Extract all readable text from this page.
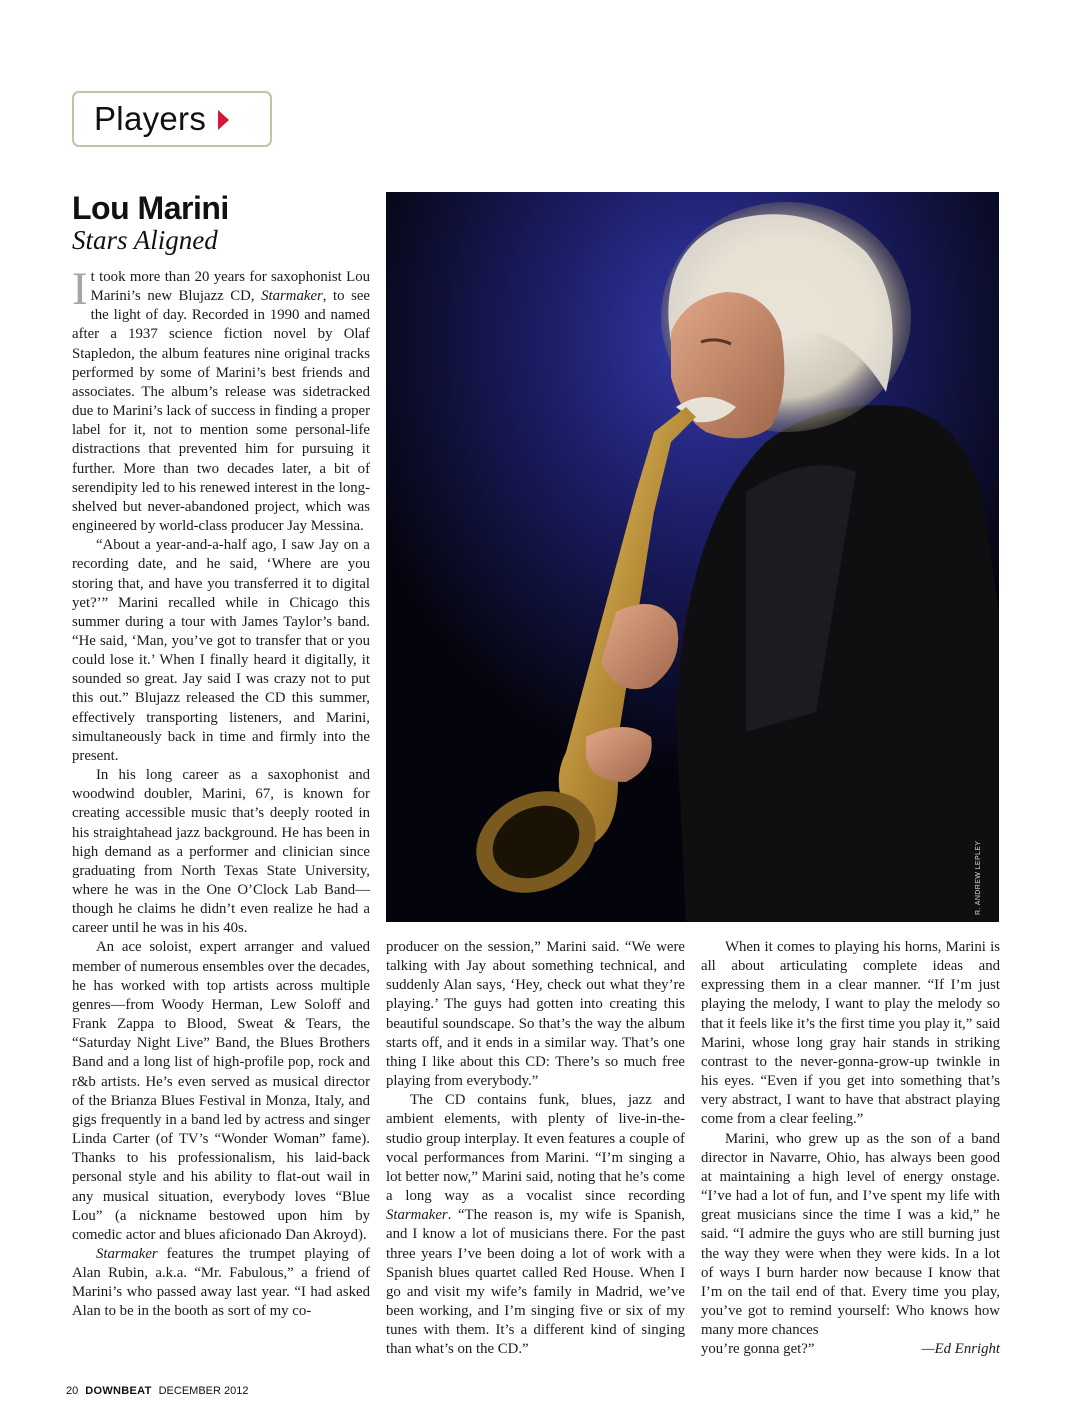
Players
Lou Marini
Stars Aligned
R. ANDREW LEPLEY

It took more than 20 years for saxophonist Lou Marini’s new Blujazz CD, Starmaker, to see the light of day. Recorded in 1990 and named after a 1937 science fiction novel by Olaf Stapledon, the album features nine original tracks performed by some of Marini’s best friends and associates. The album’s release was sidetracked due to Marini’s lack of success in finding a proper label for it, not to mention some personal-life distractions that prevented him for pursuing it further. More than two decades later, a bit of serendipity led to his renewed interest in the long-shelved but never-abandoned project, which was engineered by world-class producer Jay Messina.

“About a year-and-a-half ago, I saw Jay on a recording date, and he said, ‘Where are you storing that, and have you transferred it to digital yet?’” Marini recalled while in Chicago this summer during a tour with James Taylor’s band. “He said, ‘Man, you’ve got to transfer that or you could lose it.’ When I finally heard it digitally, it sounded so great. Jay said I was crazy not to put this out.” Blujazz released the CD this summer, effectively transporting listeners, and Marini, simultaneously back in time and firmly into the present.

In his long career as a saxophonist and woodwind doubler, Marini, 67, is known for creating accessible music that’s deeply rooted in his straightahead jazz background. He has been in high demand as a performer and clinician since graduating from North Texas State University, where he was in the One O’Clock Lab Band—though he claims he didn’t even realize he had a career until he was in his 40s.

An ace soloist, expert arranger and valued member of numerous ensembles over the decades, he has worked with top artists across multiple genres—from Woody Herman, Lew Soloff and Frank Zappa to Blood, Sweat & Tears, the “Saturday Night Live” Band, the Blues Brothers Band and a long list of high-profile pop, rock and r&b artists. He’s even served as musical director of the Brianza Blues Festival in Monza, Italy, and gigs frequently in a band led by actress and singer Linda Carter (of TV’s “Wonder Woman” fame). Thanks to his professionalism, his laid-back personal style and his ability to flat-out wail in any musical situation, everybody loves “Blue Lou” (a nickname bestowed upon him by comedic actor and blues aficionado Dan Akroyd).

Starmaker features the trumpet playing of Alan Rubin, a.k.a. “Mr. Fabulous,” a friend of Marini’s who passed away last year. “I had asked Alan to be in the booth as sort of my co-

producer on the session,” Marini said. “We were talking with Jay about something technical, and suddenly Alan says, ‘Hey, check out what they’re playing.’ The guys had gotten into creating this beautiful soundscape. So that’s the way the album starts off, and it ends in a similar way. That’s one thing I like about this CD: There’s so much free playing from everybody.”

The CD contains funk, blues, jazz and ambient elements, with plenty of live-in-the-studio group interplay. It even features a couple of vocal performances from Marini. “I’m singing a lot better now,” Marini said, noting that he’s come a long way as a vocalist since recording Starmaker. “The reason is, my wife is Spanish, and I know a lot of musicians there. For the past three years I’ve been doing a lot of work with a Spanish blues quartet called Red House. When I go and visit my wife’s family in Madrid, we’ve been working, and I’m singing five or six of my tunes with them. It’s a different kind of singing than what’s on the CD.”

When it comes to playing his horns, Marini is all about articulating complete ideas and expressing them in a clear manner. “If I’m just playing the melody, I want to play the melody so that it feels like it’s the first time you play it,” said Marini, whose long gray hair stands in striking contrast to the never-gonna-grow-up twinkle in his eyes. “Even if you get into something that’s very abstract, I want to have that abstract playing come from a clear feeling.”

Marini, who grew up as the son of a band director in Navarre, Ohio, has always been good at maintaining a high level of energy onstage. “I’ve had a lot of fun, and I’ve spent my life with great musicians since the time I was a kid,” he said. “I admire the guys who are still burning just the way they were when they were kids. In a lot of ways I burn harder now because I know that I’m on the tail end of that. Every time you play, you’ve got to remind yourself: Who knows how many more chances

you’re gonna get?”	—Ed Enright
20 DOWNBEAT DECEMBER 2012
